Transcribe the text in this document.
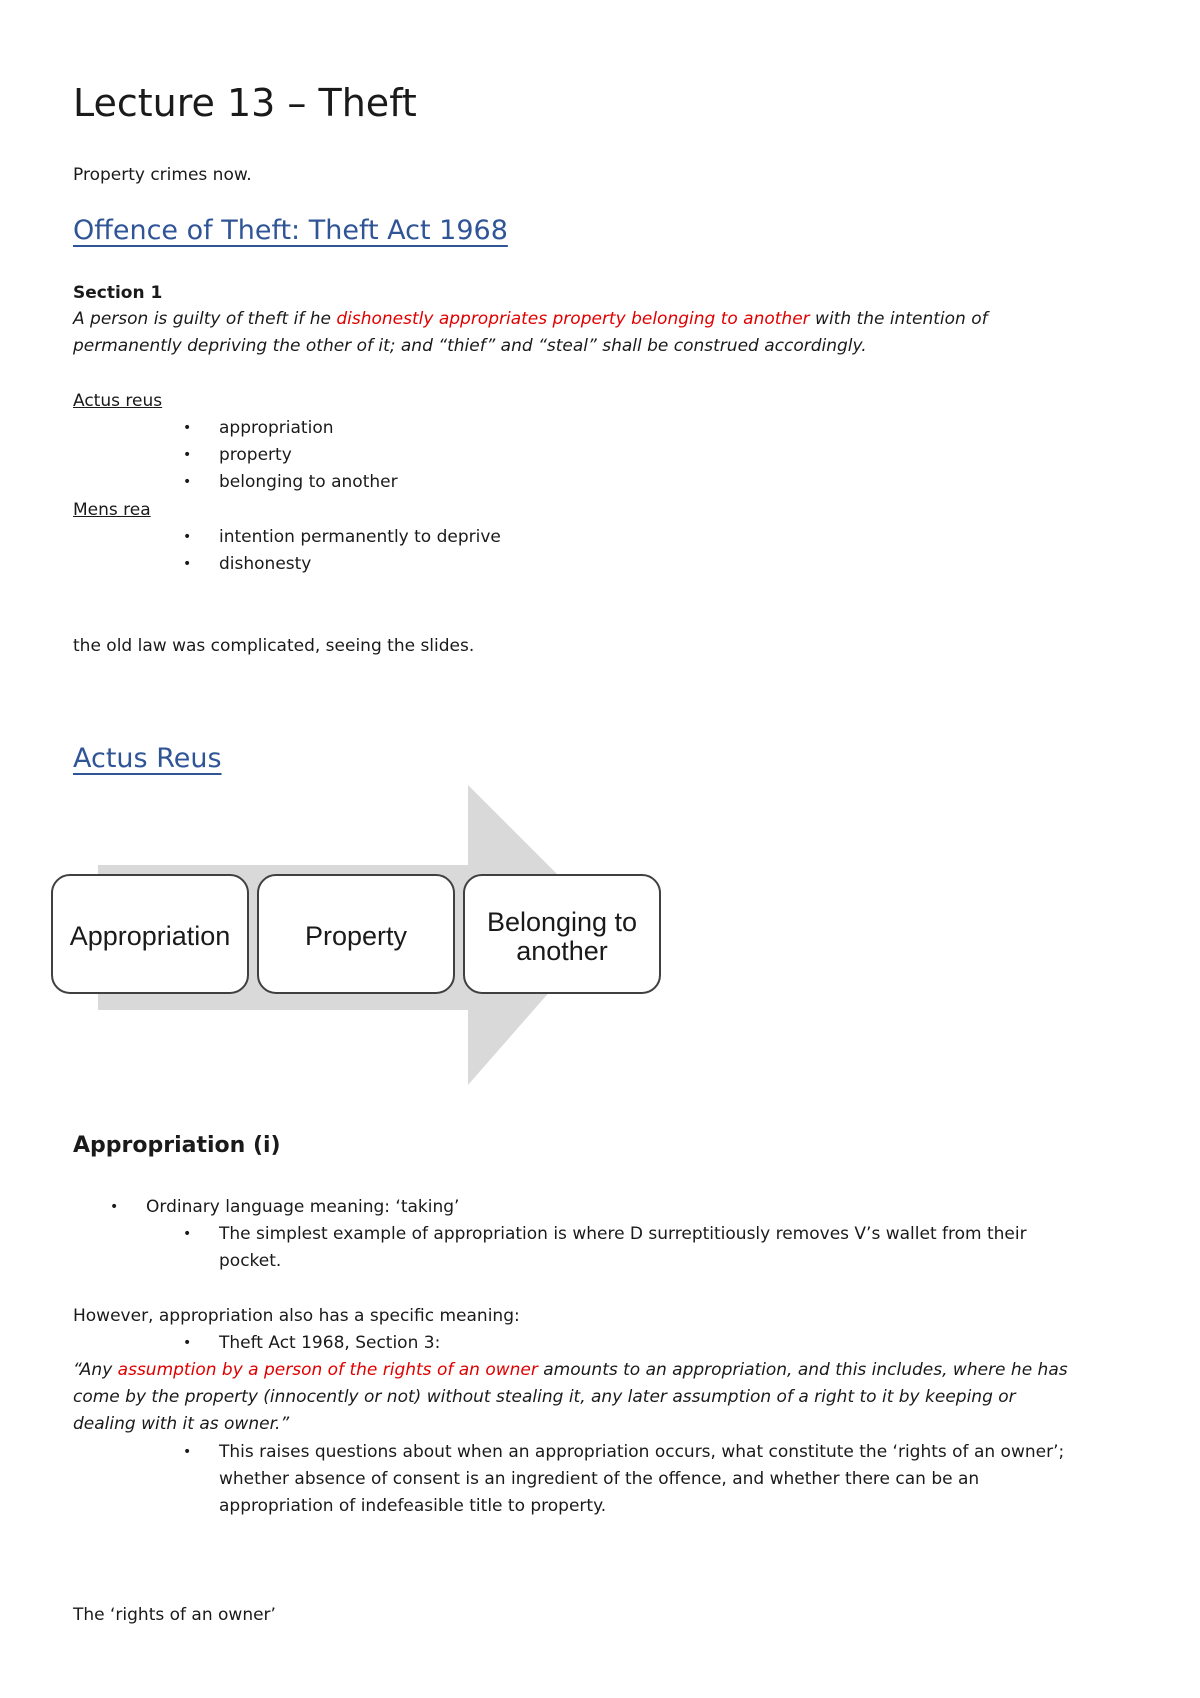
Lecture 13 – Theft
Property crimes now.
Offence of Theft: Theft Act 1968
Section 1
A person is guilty of theft if he dishonestly appropriates property belonging to another with the intention of
permanently depriving the other of it; and “thief” and “steal” shall be construed accordingly.
Actus reus
• appropriation
• property
• belonging to another
Mens rea
• intention permanently to deprive
• dishonesty
the old law was complicated, seeing the slides.
Actus Reus
Appropriation	Property	Belonging to
another
Appropriation (i)
• Ordinary language meaning: ‘taking’
• The simplest example of appropriation is where D surreptitiously removes V’s wallet from their
pocket.
However, appropriation also has a specific meaning:
• Theft Act 1968, Section 3:
“Any assumption by a person of the rights of an owner amounts to an appropriation, and this includes, where he has
come by the property (innocently or not) without stealing it, any later assumption of a right to it by keeping or
dealing with it as owner.”
• This raises questions about when an appropriation occurs, what constitute the ‘rights of an owner’;
whether absence of consent is an ingredient of the offence, and whether there can be an
appropriation of indefeasible title to property.
The ‘rights of an owner’
